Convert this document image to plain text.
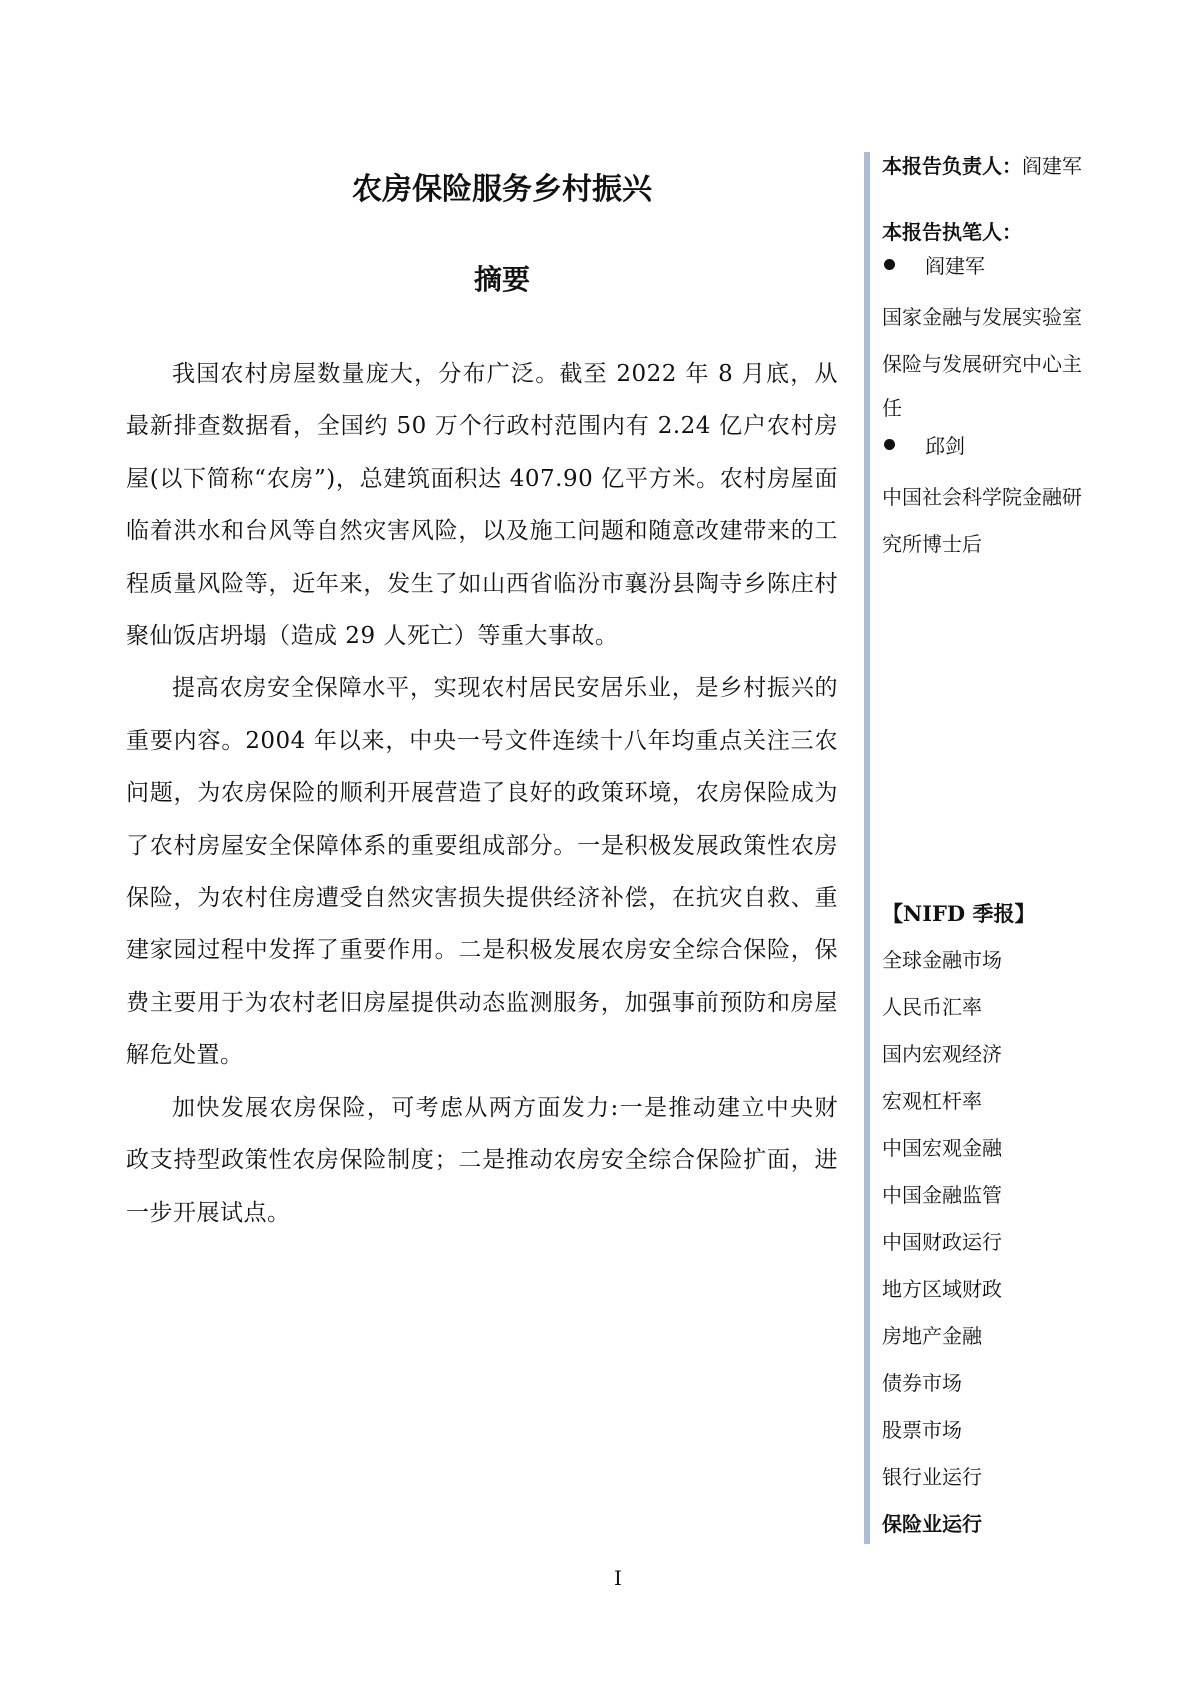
农房保险服务乡村振兴
摘要

我国农村房屋数量庞大，分布广泛。截至 2022 年 8 月底，从最新排查数据看，全国约 50 万个行政村范围内有 2.24 亿户农村房屋(以下简称“农房”)，总建筑面积达 407.90 亿平方米。农村房屋面临着洪水和台风等自然灾害风险，以及施工问题和随意改建带来的工程质量风险等，近年来，发生了如山西省临汾市襄汾县陶寺乡陈庄村聚仙饭店坍塌（造成 29 人死亡）等重大事故。

提高农房安全保障水平，实现农村居民安居乐业，是乡村振兴的重要内容。2004 年以来，中央一号文件连续十八年均重点关注三农问题，为农房保险的顺利开展营造了良好的政策环境，农房保险成为了农村房屋安全保障体系的重要组成部分。一是积极发展政策性农房保险，为农村住房遭受自然灾害损失提供经济补偿，在抗灾自救、重建家园过程中发挥了重要作用。二是积极发展农房安全综合保险，保费主要用于为农村老旧房屋提供动态监测服务，加强事前预防和房屋解危处置。

加快发展农房保险，可考虑从两方面发力:一是推动建立中央财政支持型政策性农房保险制度；二是推动农房安全综合保险扩面，进一步开展试点。

本报告负责人：阎建军

本报告执笔人：

阎建军

国家金融与发展实验室

保险与发展研究中心主

任

邱剑

中国社会科学院金融研

究所博士后

【NIFD 季报】

全球金融市场
人民币汇率
国内宏观经济
宏观杠杆率
中国宏观金融
中国金融监管
中国财政运行
地方区域财政
房地产金融
债券市场
股票市场
银行业运行
保险业运行
I
